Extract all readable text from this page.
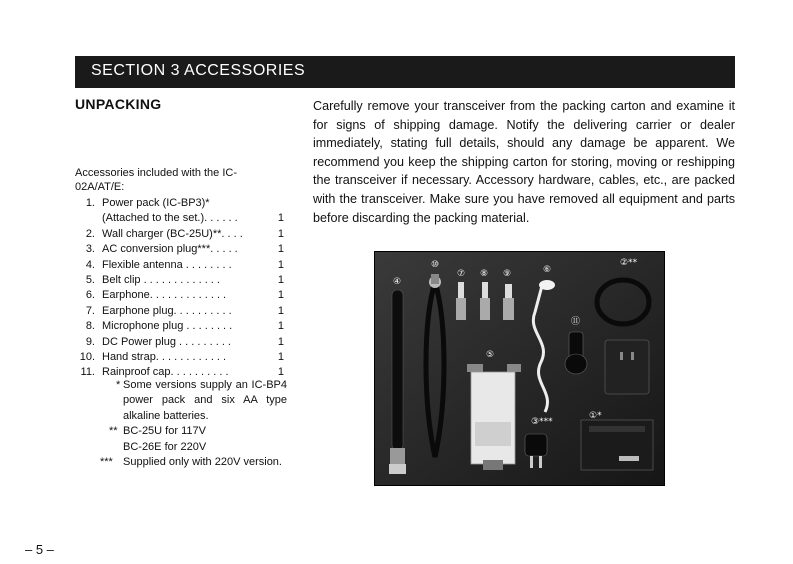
SECTION 3 ACCESSORIES
UNPACKING
Accessories included with the IC-02A/AT/E:
1. Power pack (IC-BP3)*
(Attached to the set.). . . . . .	1
2. Wall charger (BC-25U)**. . . .	1
3. AC conversion plug***. . . . .	1
4. Flexible antenna . . . . . . . .	1
5. Belt clip . . . . . . . . . . . . .	1
6. Earphone. . . . . . . . . . . . .	1
7. Earphone plug. . . . . . . . . .	1
8. Microphone plug . . . . . . . .	1
9. DC Power plug . . . . . . . . .	1
10. Hand strap. . . . . . . . . . . .	1
11. Rainproof cap. . . . . . . . . .	1
* Some versions supply an IC-BP4 power pack and six AA type alkaline batteries.
** BC-25U for 117V
BC-26E for 220V
*** Supplied only with 220V version.
Carefully remove your transceiver from the packing carton and examine it for signs of shipping damage. Notify the delivering carrier or dealer immediately, stating full details, should any damage be apparent. We recommend you keep the shipping carton for storing, moving or reshipping the transceiver if necessary. Accessory hardware, cables, etc., are packed with the transceiver. Make sure you have removed all equipment and parts before discarding the packing material.
⑩
⑦ ⑧ ⑨	⑥
②**
④
⑪
⑤
③***
①*
– 5 –
